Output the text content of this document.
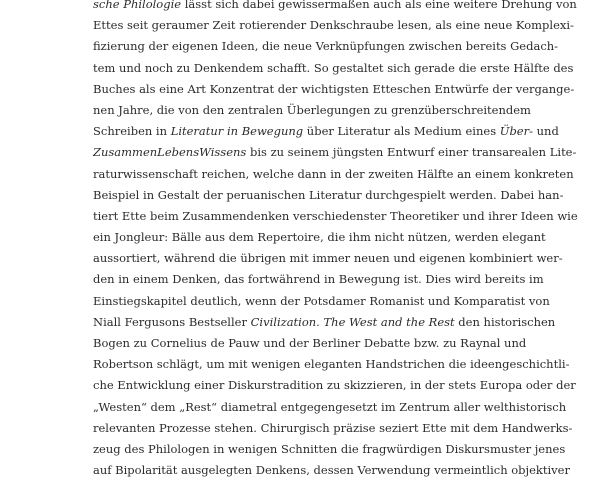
sche Philologie lässt sich dabei gewissermaßen auch als eine weitere Drehung von
Ettes seit geraumer Zeit rotierender Denkschraube lesen, als eine neue Komplexi-
fizierung der eigenen Ideen, die neue Verknüpfungen zwischen bereits Gedach-
tem und noch zu Denkendem schafft. So gestaltet sich gerade die erste Hälfte des
Buches als eine Art Konzentrat der wichtigsten Etteschen Entwürfe der vergange-
nen Jahre, die von den zentralen Überlegungen zu grenzüberschreitendem
Schreiben in Literatur in Bewegung über Literatur als Medium eines Über- und
ZusammenLebensWissens bis zu seinem jüngsten Entwurf einer transarealen Lite-
raturwissenschaft reichen, welche dann in der zweiten Hälfte an einem konkreten
Beispiel in Gestalt der peruanischen Literatur durchgespielt werden. Dabei han-
tiert Ette beim Zusammendenken verschiedenster Theoretiker und ihrer Ideen wie
ein Jongleur: Bälle aus dem Repertoire, die ihm nicht nützen, werden elegant
aussortiert, während die übrigen mit immer neuen und eigenen kombiniert wer-
den in einem Denken, das fortwährend in Bewegung ist. Dies wird bereits im
Einstiegskapitel deutlich, wenn der Potsdamer Romanist und Komparatist von
Niall Fergusons Bestseller Civilization. The West and the Rest den historischen
Bogen zu Cornelius de Pauw und der Berliner Debatte bzw. zu Raynal und
Robertson schlägt, um mit wenigen eleganten Handstrichen die ideengeschichtli-
che Entwicklung einer Diskurstradition zu skizzieren, in der stets Europa oder der
„Westen“ dem „Rest“ diametral entgegengesetzt im Zentrum aller welthistorisch
relevanten Prozesse stehen. Chirurgisch präzise seziert Ette mit dem Handwerks-
zeug des Philologen in wenigen Schnitten die fragwürdigen Diskursmuster jenes
auf Bipolarität ausgelegten Denkens, dessen Verwendung vermeintlich objektiver
